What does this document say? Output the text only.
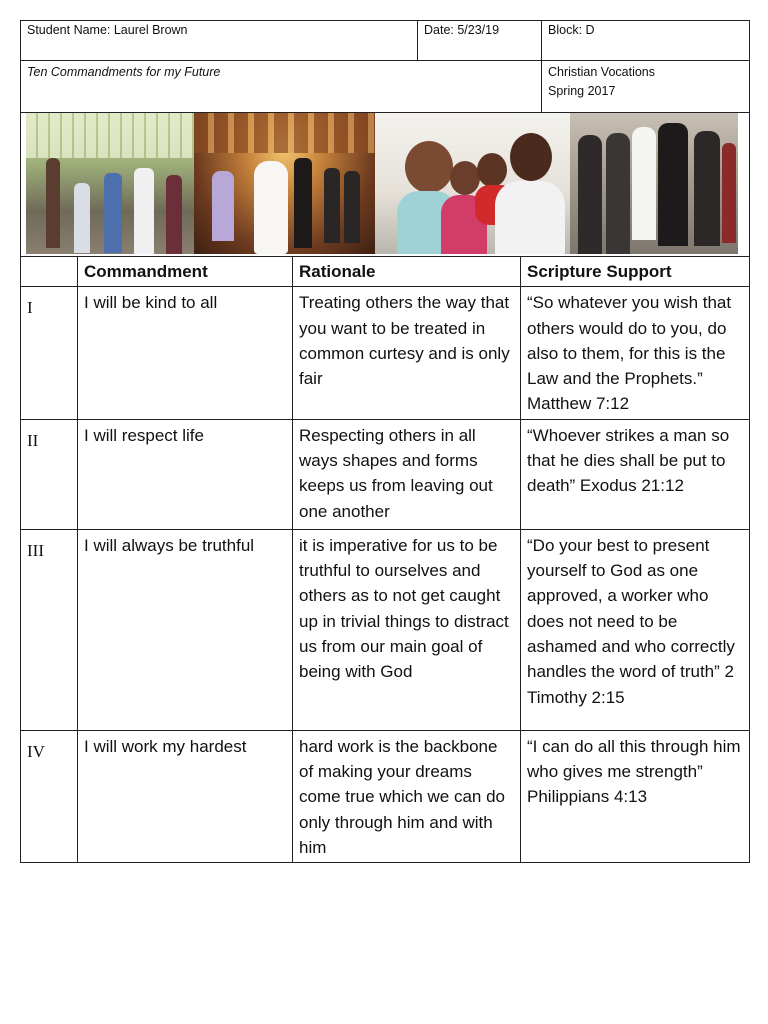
Student Name: Laurel Brown	Date: 5/23/19	Block: D
Ten Commandments for my Future		Christian Vocations
Spring 2017

	Commandment	Rationale	Scripture Support
I	I will be kind to all	Treating others the way that you want to be treated in common curtesy and is only fair	“So whatever you wish that others would do to you, do also to them, for this is the Law and the Prophets.” Matthew 7:12
II	I will respect life	Respecting others in all ways shapes and forms keeps us from leaving out one another	“Whoever strikes a man so that he dies shall be put to death” Exodus 21:12
III	I will always be truthful	it is imperative for us to be truthful to ourselves and others as to not get caught up in trivial things to distract us from our main goal of being with God	“Do your best to present yourself to God as one approved, a worker who does not need to be ashamed and who correctly handles the word of truth” 2 Timothy 2:15
IV	I will work my hardest	hard work is the backbone of making your dreams come true which we can do only through him and with him	“I can do all this through him who gives me strength” Philippians 4:13
